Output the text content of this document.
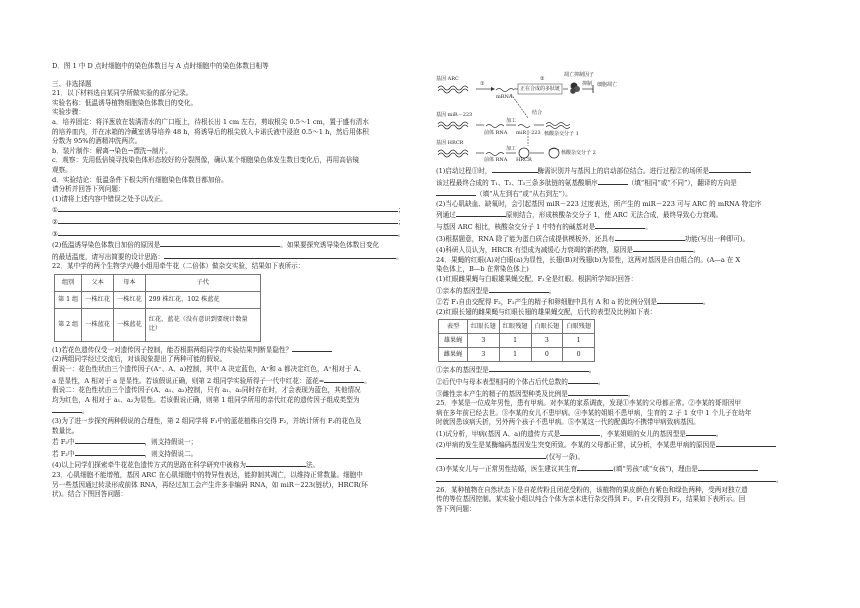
D．图 1 中 D 点时细胞中的染色体数目与 A 点时细胞中的染色体数目相等

三、非选择题

21．以下材料选自某同学所做实验的部分记录。

实验名称：低温诱导植物细胞染色体数目的变化。

实验步骤：

a．培养固定：将洋葱放在装满清水的广口瓶上，待根长出 1 cm 左右，剪取根尖 0.5～1 cm，置于盛有清水

的培养皿内，并在冰箱的冷藏室诱导培养 48 h，将诱导后的根尖放入卡诺氏液中浸泡 0.5～1 h，然后用体积

分数为 95%的酒精冲洗两次。

b．装片制作：解离→染色→漂洗→制片。

c．观察：先用低倍镜寻找染色体形态较好的分裂图像，确认某个细胞染色体发生数目变化后，再用高倍镜

观察。

d．实验结论：低温条件下根尖所有细胞染色体数目都加倍。

请分析并回答下列问题：

(1)请将上述内容中错误之处予以改正。

①	；

②	；

③	。

(2)低温诱导染色体数目加倍的原因是	。如果要探究诱导染色体数目变化

的最适温度，请写出简要的设计思路：	。

22．某中学的两个生物学兴趣小组用牵牛花（二倍体）做杂交实验，结果如下表所示：

组别	父本	母本	子代
第 1 组	一株红花	一株红花	299 株红花，102 株蓝花
第 2 组	一株蓝花	一株蓝花	红花、蓝花（没有意识到要统计数量比）

(1)若花色遗传仅受一对遗传因子控制，能否根据两组同学的实验结果判断显隐性？

(2)两组同学经过交流后，对该现象提出了两种可能的假说。

假说一：花色性状由三个遗传因子(A⁺、A、a)控制，其中 A 决定蓝色，A⁺和 a 都决定红色，A⁺相对于 A、

a 是显性，A 相对于 a 是显性。若该假说正确，则第 2 组同学实验所得子一代中红花：蓝花=	。

假说二：花色性状由三个遗传因子(A、a₁、a₂)控制，只有 a₁、a₂同时存在时，才会表现为蓝色，其他情况

均为红色，A 相对于 a₁、a₂为显性。若该假说正确，则第 1 组同学所用的亲代红花的遗传因子组成类型为

。

(3)为了进一步探究两种假说的合理性，第 2 组同学将 F₁中的蓝花植株自交得 F₂，并统计所有 F₂的花色及

数量比。

若 F₂中	，则支持假说一；

若 F₂中	，则支持假说二。

(4)以上同学们探索牵牛花花色遗传方式的思路在科学研究中被称为	法。

23．心肌细胞不能增殖，基因 ARC 在心肌细胞中的特异性表达，能抑制其凋亡，以维持正常数量。细胞中

另一些基因通过转录形成前体 RNA，再经过加工会产生许多非编码 RNA，如 miR－223(链状)，HRCR(环

状)。结合下图回答问题：

基因 ARC
①
mRNA
正在合成的多肽链
②
凋亡抑制因子
抑制 细胞凋亡
基因 miR－223
前体 RNA
加工
miR－223
结合
核酸杂交分子 1
基因 HRCR
前体 RNA
加工
HRCR
核酸杂交分子 2

(1)启动过程①时，	酶需识别并与基因上的启动部位结合。进行过程②的场所是

该过程最终合成的 T₁、T₂、T₃三条多肽链的氨基酸顺序	（填“相同”或“不同”），翻译的方向是

（填“从左到右”或“从右到左”）。

(2)当心肌缺血、缺氧时，会引起基因 miR－223 过度表达，所产生的 miR－223 可与 ARC 的 mRNA 特定序

列通过	原则结合，形成核酸杂交分子 1，使 ARC 无法合成，最终导致心力衰竭。

与基因 ARC 相比，核酸杂交分子 1 中特有的碱基对是	。

(3)根据题意，RNA 除了能为蛋白质合成提供模板外，还具有	功能(写出一种即可)。

(4)科研人员认为，HRCR 有望成为减缓心力衰竭的新药物，原因是	。

24．果蝇的红眼(A)对白眼(a)为显性，长翅(B)对残翅(b)为显性，这两对基因是自由组合的。(A—a 在 X

染色体上，B—b 在常染色体上)

(1)红眼雌果蝇与白眼雄果蝇交配，F₁全是红眼。根据所学知识回答：

①亲本的基因型是	。

②若 F₁自由交配得 F₂，F₂产生的精子和卵细胞中具有 A 和 a 的比例分别是	。

(2)红眼长翅的雌果蝇与红眼长翅的雄果蝇交配，后代的表型及比例如下表：

表型	红眼长翅	红眼残翅	白眼长翅	白眼残翅
雄果蝇	3	1	3	1
雌果蝇	3	1	0	0

①亲本的基因型是	。

②后代中与母本表型相同的个体占后代总数的	。

③雌性亲本产生的精子的基因型种类及比例是	。

25．李某是一位成年男性，患有甲病。对李某的家系调查，发现①李某的父母都正常。②李某的哥哥因甲

病在多年前已经去世。③李某的女儿不患甲病。④李某的姐姐不患甲病，生育的 2 子 1 女中 1 个儿子在幼年

时就因患该病夭折，另外两个孩子不患甲病。⑤李某这一代的配偶均不携带甲病致病基因。

(1)试分析，甲病(基因 A、a)的遗传方式是	，李某姐姐的女儿的基因型是	。

(2)甲病的发生是某酶编码基因发生突变所致。李某的父母都正常，试分析，李某患甲病的原因是

(仅写一条)。

(3)李某女儿与一正常男性结婚，医生建议其生育	(填“男孩”或“女孩”)，理由是

。

26．某种植物在自然状态下是自花传粉且闭花受粉的，该植物的果皮颜色有紫色和绿色两种，受两对独立遗

传的等位基因控制。某实验小组以纯合个体为亲本进行杂交得到 F₁，F₁自交得到 F₂，结果如下表所示。回

答下列问题：
